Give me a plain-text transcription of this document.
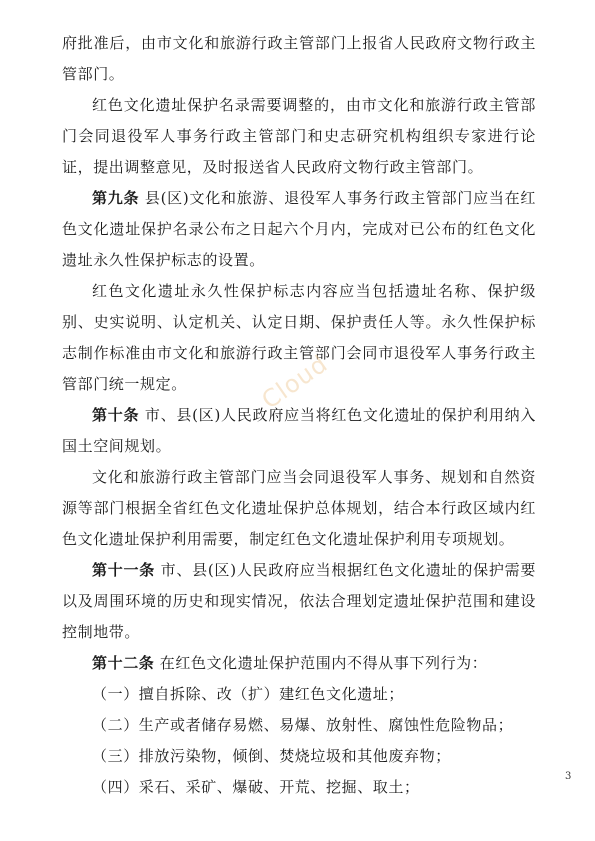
府批准后，由市文化和旅游行政主管部门上报省人民政府文物行政主管部门。

红色文化遗址保护名录需要调整的，由市文化和旅游行政主管部门会同退役军人事务行政主管部门和史志研究机构组织专家进行论证，提出调整意见，及时报送省人民政府文物行政主管部门。

第九条 县(区)文化和旅游、退役军人事务行政主管部门应当在红色文化遗址保护名录公布之日起六个月内，完成对已公布的红色文化遗址永久性保护标志的设置。

红色文化遗址永久性保护标志内容应当包括遗址名称、保护级别、史实说明、认定机关、认定日期、保护责任人等。永久性保护标志制作标准由市文化和旅游行政主管部门会同市退役军人事务行政主管部门统一规定。

第十条 市、县(区)人民政府应当将红色文化遗址的保护利用纳入国土空间规划。

文化和旅游行政主管部门应当会同退役军人事务、规划和自然资源等部门根据全省红色文化遗址保护总体规划，结合本行政区域内红色文化遗址保护利用需要，制定红色文化遗址保护利用专项规划。

第十一条 市、县(区)人民政府应当根据红色文化遗址的保护需要以及周围环境的历史和现实情况，依法合理划定遗址保护范围和建设控制地带。

第十二条 在红色文化遗址保护范围内不得从事下列行为：

（一）擅自拆除、改（扩）建红色文化遗址；

（二）生产或者储存易燃、易爆、放射性、腐蚀性危险物品；

（三）排放污染物，倾倒、焚烧垃圾和其他废弃物；

（四）采石、采矿、爆破、开荒、挖掘、取土；

Cloud
3
